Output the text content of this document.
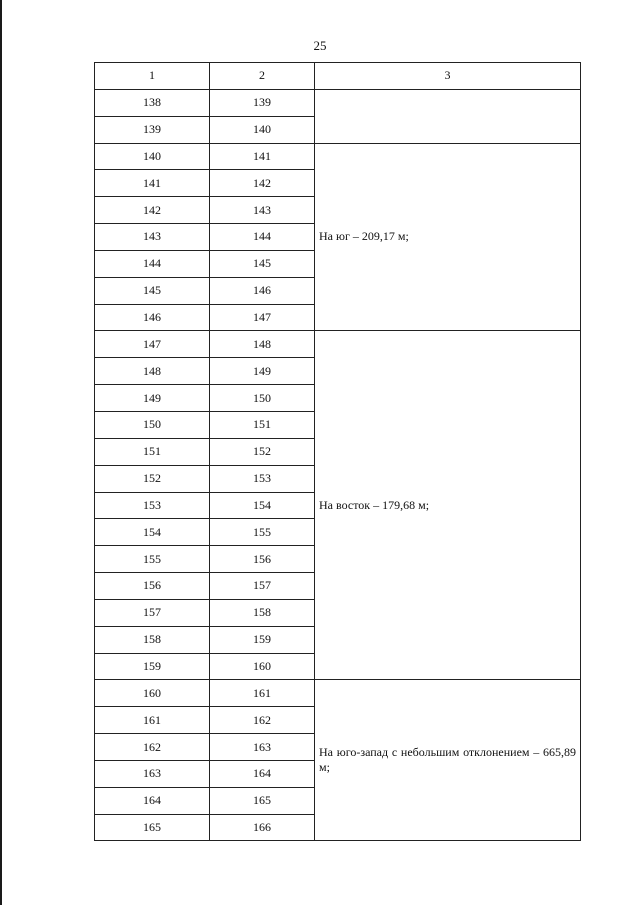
25
1	2	3
138	139	
139	140	
140	141	На юг – 209,17 м;
141	142	
142	143	
143	144	
144	145	
145	146	
146	147	
147	148	На восток – 179,68 м;
148	149	
149	150	
150	151	
151	152	
152	153	
153	154	
154	155	
155	156	
156	157	
157	158	
158	159	
159	160	
160	161	На юго-запад с небольшим отклонением – 665,89 м;
161	162	
162	163	
163	164	
164	165	
165	166	
